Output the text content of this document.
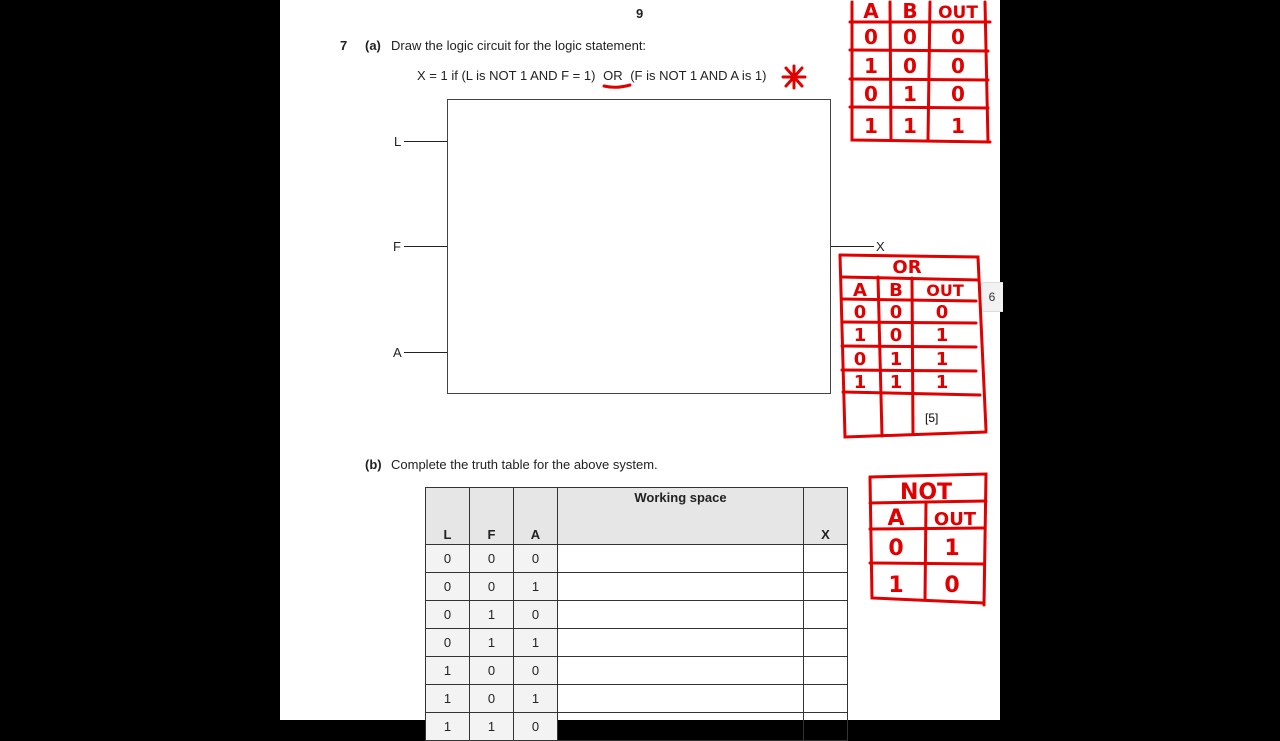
9
7 (a) Draw the logic circuit for the logic statement:
X = 1 if (L is NOT 1 AND F = 1) OR (F is NOT 1 AND A is 1)
L
F
A
X
[5]
6
(b) Complete the truth table for the above system.
L	F	A	Working space	X
0	0	0		
0	0	1		
0	1	0		
0	1	1		
1	0	0		
1	0	1		
1	1	0		
A B OUT
0 0 0
1 0 0
0 1 0
1 1 1
OR
A B OUT
0 0 0
1 0 1
0 1 1
1 1 1
NOT
A OUT
0 1
1 0
